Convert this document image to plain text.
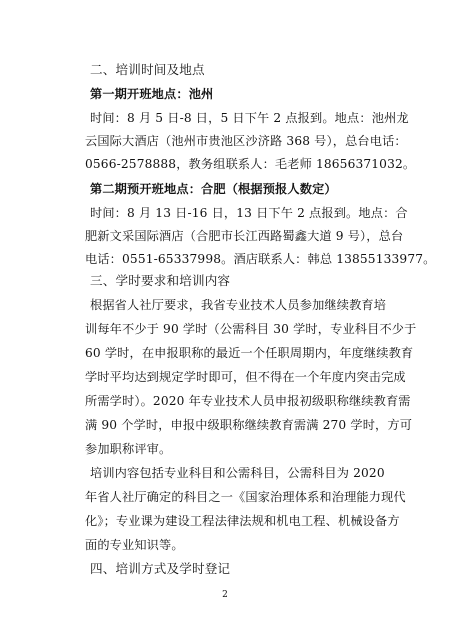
二、培训时间及地点
第一期开班地点：池州
时间：8 月 5 日-8 日，5 日下午 2 点报到。地点：池州龙
云国际大酒店（池州市贵池区沙济路 368 号），总台电话：
0566-2578888，教务组联系人：毛老师 18656371032。
第二期预开班地点：合肥（根据预报人数定）
时间：8 月 13 日-16 日，13 日下午 2 点报到。地点：合
肥新文采国际酒店（合肥市长江西路蜀鑫大道 9 号），总台
电话：0551-65337998。酒店联系人：韩总 13855133977。
三、学时要求和培训内容
根据省人社厅要求，我省专业技术人员参加继续教育培
训每年不少于 90 学时（公需科目 30 学时，专业科目不少于
60 学时，在申报职称的最近一个任职周期内，年度继续教育
学时平均达到规定学时即可，但不得在一个年度内突击完成
所需学时）。2020 年专业技术人员申报初级职称继续教育需
满 90 个学时，申报中级职称继续教育需满 270 学时，方可
参加职称评审。
培训内容包括专业科目和公需科目，公需科目为 2020
年省人社厅确定的科目之一《国家治理体系和治理能力现代
化》；专业课为建设工程法律法规和机电工程、机械设备方
面的专业知识等。
四、培训方式及学时登记
2
